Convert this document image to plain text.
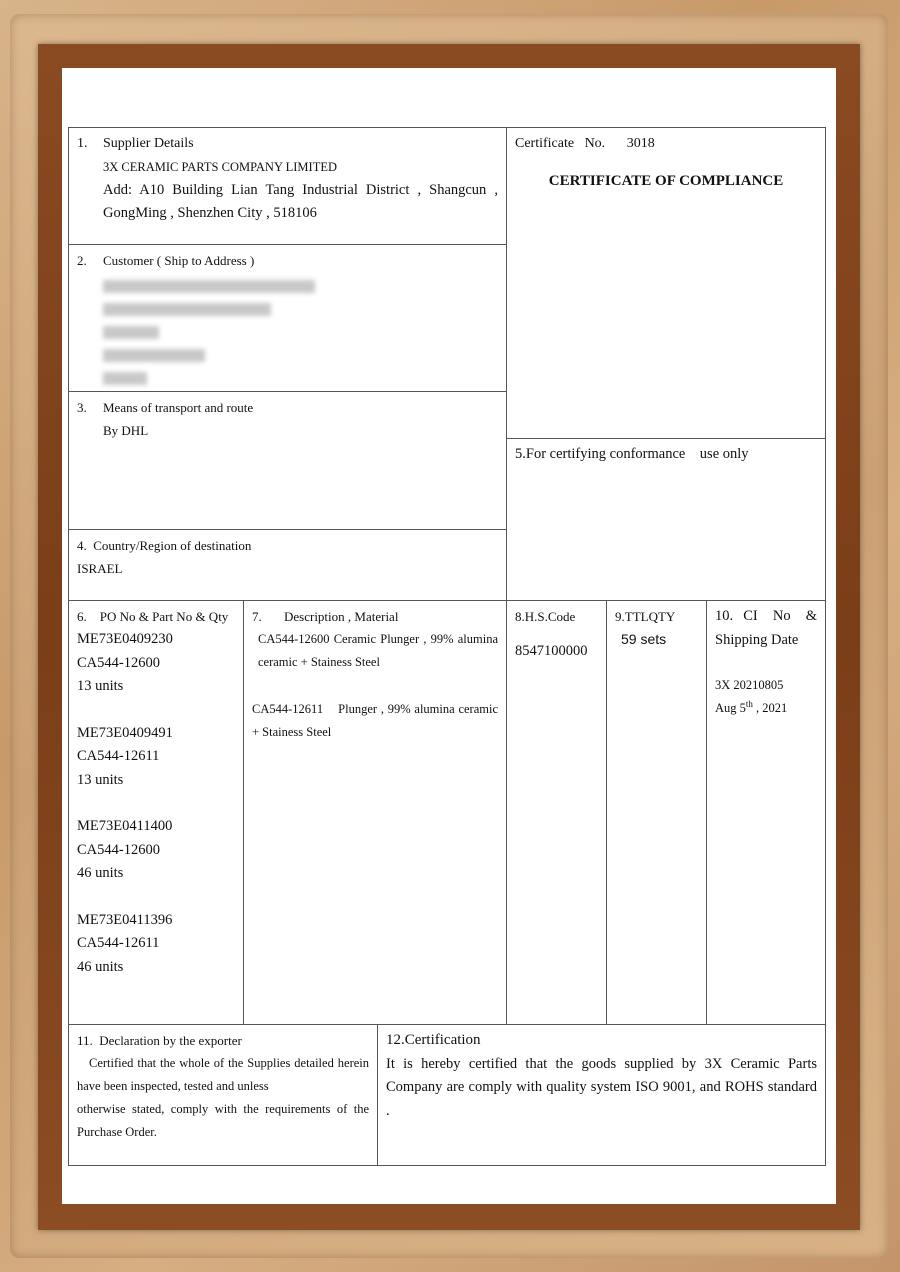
1. Supplier Details
3X CERAMIC PARTS COMPANY LIMITED
Add: A10 Building Lian Tang Industrial District , Shangcun , GongMing , Shenzhen City , 518106
Certificate   No. 3018
CERTIFICATE OF COMPLIANCE
2. Customer ( Ship to Address )
3. Means of transport and route
By DHL
5.For certifying conformance    use only
4.  Country/Region of destination
ISRAEL
6.    PO No & Part No & Qty
ME73E0409230
CA544-12600
13 units
ME73E0409491
CA544-12611
13 units
ME73E0411400
CA544-12600
46 units
ME73E0411396
CA544-12611
46 units
7. Description , Material
CA544-12600 Ceramic Plunger , 99% alumina ceramic + Stainess Steel
CA544-12611    Plunger , 99% alumina ceramic + Stainess Steel
8.H.S.Code
8547100000
9.TTLQTY
59 sets
10.  CI   No   &   Shipping Date
3X 20210805
Aug 5th , 2021
11.  Declaration by the exporter
Certified that the whole of the Supplies detailed herein have been inspected, tested and unless
otherwise stated, comply with the requirements of the Purchase Order.
12.Certification
It is hereby certified that the goods supplied by 3X Ceramic Parts Company are comply with quality system ISO 9001, and ROHS standard .
